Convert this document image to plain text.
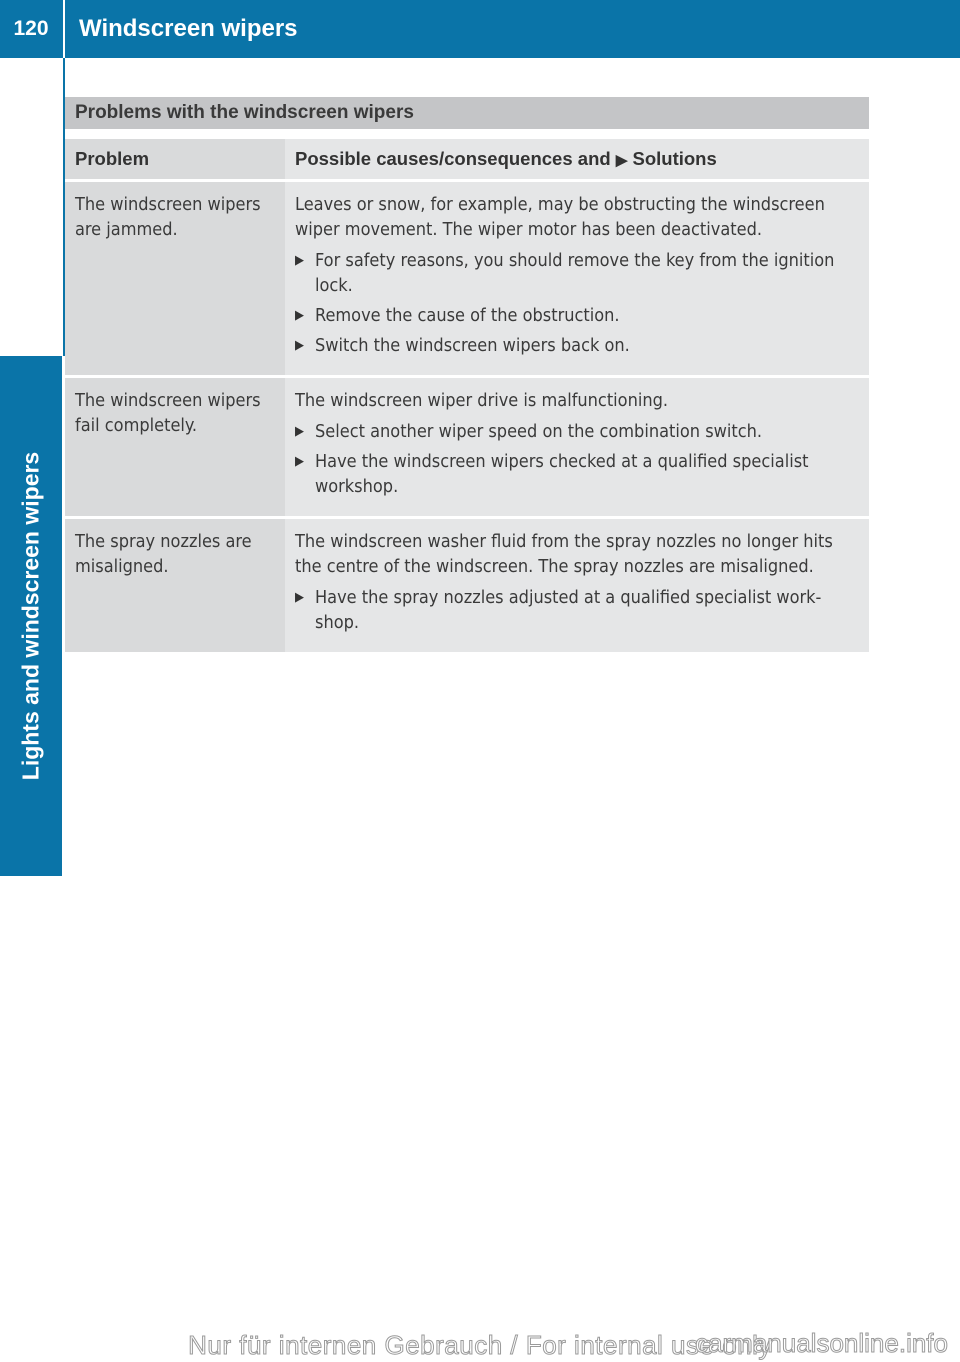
120	Windscreen wipers
Lights and windscreen wipers
Problems with the windscreen wipers
Problem	Possible causes/consequences and ▶ Solutions
The windscreen wipers are jammed.

Leaves or snow, for example, may be obstructing the windscreen wiper movement. The wiper motor has been deactivated.

▶ For safety reasons, you should remove the key from the ignition lock.
▶ Remove the cause of the obstruction.
▶ Switch the windscreen wipers back on.
The windscreen wipers fail completely.

The windscreen wiper drive is malfunctioning.

▶ Select another wiper speed on the combination switch.
▶ Have the windscreen wipers checked at a qualified specialist workshop.
The spray nozzles are misaligned.

The windscreen washer fluid from the spray nozzles no longer hits the centre of the windscreen. The spray nozzles are misaligned.

▶ Have the spray nozzles adjusted at a qualified specialist work-shop.
Nur für internen Gebrauch / For internal use only
carmanualsonline.info
